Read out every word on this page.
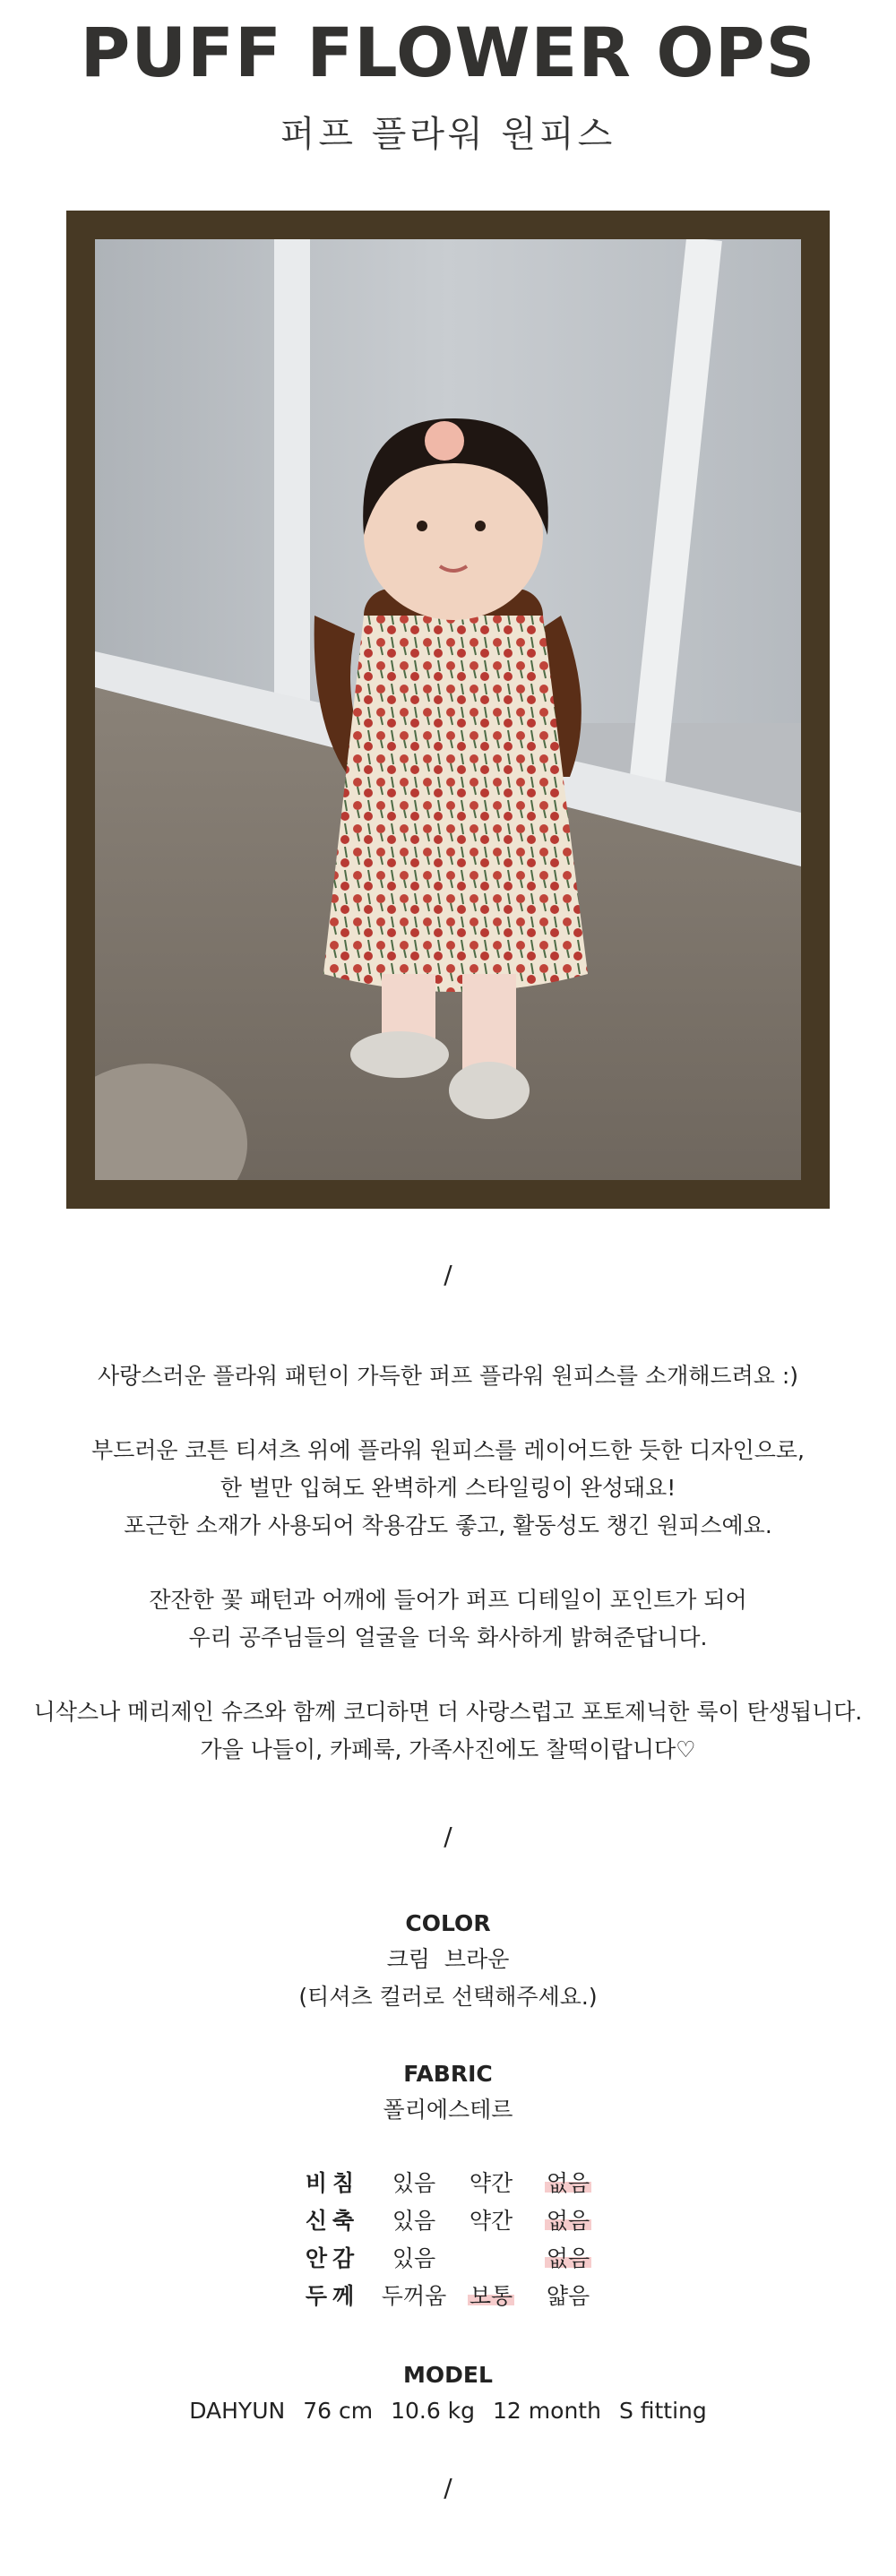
PUFF FLOWER OPS
퍼프 플라워 원피스
/

사랑스러운 플라워 패턴이 가득한 퍼프 플라워 원피스를 소개해드려요 :)

부드러운 코튼 티셔츠 위에 플라워 원피스를 레이어드한 듯한 디자인으로,

한 벌만 입혀도 완벽하게 스타일링이 완성돼요!

포근한 소재가 사용되어 착용감도 좋고, 활동성도 챙긴 원피스예요.

잔잔한 꽃 패턴과 어깨에 들어가 퍼프 디테일이 포인트가 되어

우리 공주님들의 얼굴을 더욱 화사하게 밝혀준답니다.

니삭스나 메리제인 슈즈와 함께 코디하면 더 사랑스럽고 포토제닉한 룩이 탄생됩니다.

가을 나들이, 카페룩, 가족사진에도 찰떡이랍니다♡

/
COLOR
크림 브라운
(티셔츠 컬러로 선택해주세요.)
FABRIC
폴리에스테르
비침	있음	약간	없음
신축	있음	약간	없음
안감	있음		없음
두께	두꺼움	보통	얇음
MODEL
DAHYUN 76 cm 10.6 kg 12 month S fitting
/
